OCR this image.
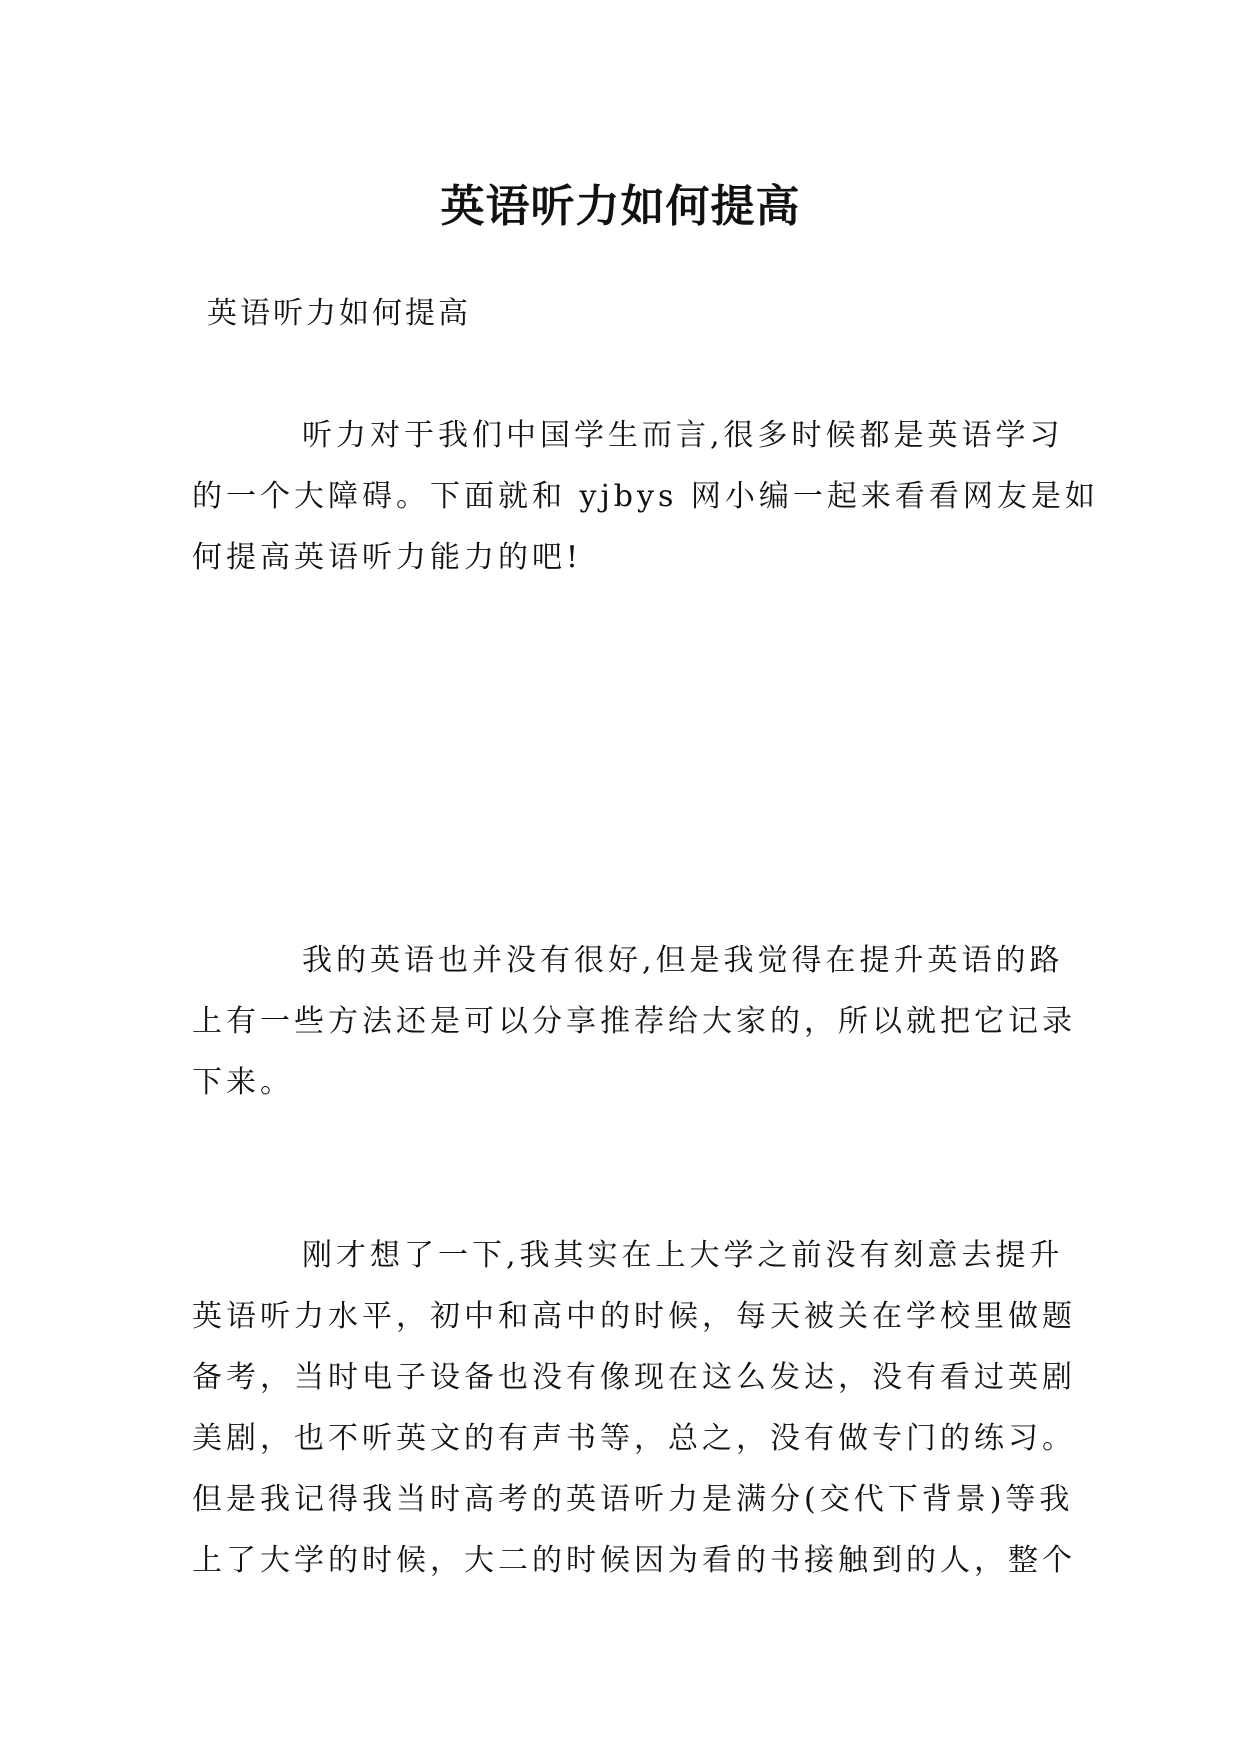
英语听力如何提高
英语听力如何提高

听力对于我们中国学生而言,很多时候都是英语学习
的一个大障碍。下面就和 yjbys 网小编一起来看看网友是如
何提高英语听力能力的吧!

我的英语也并没有很好,但是我觉得在提升英语的路
上有一些方法还是可以分享推荐给大家的，所以就把它记录
下来。

刚才想了一下,我其实在上大学之前没有刻意去提升
英语听力水平，初中和高中的时候，每天被关在学校里做题
备考，当时电子设备也没有像现在这么发达，没有看过英剧
美剧，也不听英文的有声书等，总之，没有做专门的练习。
但是我记得我当时高考的英语听力是满分(交代下背景)等我
上了大学的时候，大二的时候因为看的书接触到的人，整个
